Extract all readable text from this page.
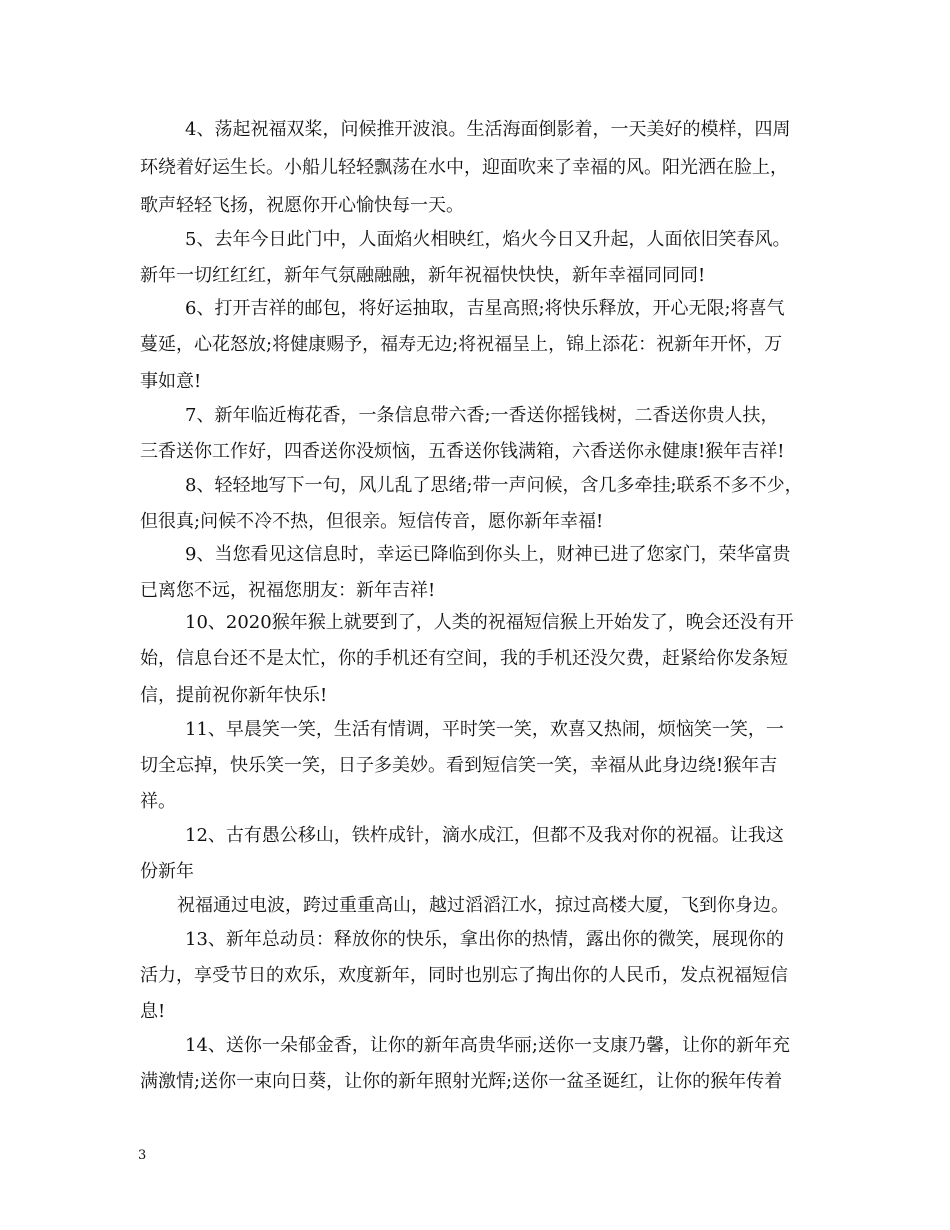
4、荡起祝福双桨，问候推开波浪。生活海面倒影着，一天美好的模样，四周
环绕着好运生长。小船儿轻轻飘荡在水中，迎面吹来了幸福的风。阳光洒在脸上，
歌声轻轻飞扬，祝愿你开心愉快每一天。
5、去年今日此门中，人面焰火相映红，焰火今日又升起，人面依旧笑春风。
新年一切红红红，新年气氛融融融，新年祝福快快快，新年幸福同同同!
6、打开吉祥的邮包，将好运抽取，吉星高照;将快乐释放，开心无限;将喜气
蔓延，心花怒放;将健康赐予，福寿无边;将祝福呈上，锦上添花：祝新年开怀，万
事如意!
7、新年临近梅花香，一条信息带六香;一香送你摇钱树，二香送你贵人扶，
三香送你工作好，四香送你没烦恼，五香送你钱满箱，六香送你永健康!猴年吉祥!
8、轻轻地写下一句，风儿乱了思绪;带一声问候，含几多牵挂;联系不多不少，
但很真;问候不冷不热，但很亲。短信传音，愿你新年幸福!
9、当您看见这信息时，幸运已降临到你头上，财神已进了您家门，荣华富贵
已离您不远，祝福您朋友：新年吉祥!
10、2020猴年猴上就要到了，人类的祝福短信猴上开始发了，晚会还没有开
始，信息台还不是太忙，你的手机还有空间，我的手机还没欠费，赶紧给你发条短
信，提前祝你新年快乐!
11、早晨笑一笑，生活有情调，平时笑一笑，欢喜又热闹，烦恼笑一笑，一
切全忘掉，快乐笑一笑，日子多美妙。看到短信笑一笑，幸福从此身边绕!猴年吉
祥。
12、古有愚公移山，铁杵成针，滴水成江，但都不及我对你的祝福。让我这
份新年
祝福通过电波，跨过重重高山，越过滔滔江水，掠过高楼大厦，飞到你身边。
13、新年总动员：释放你的快乐，拿出你的热情，露出你的微笑，展现你的
活力，享受节日的欢乐，欢度新年，同时也别忘了掏出你的人民币，发点祝福短信
息!
14、送你一朵郁金香，让你的新年高贵华丽;送你一支康乃馨，让你的新年充
满激情;送你一束向日葵，让你的新年照射光辉;送你一盆圣诞红，让你的猴年传着
3
